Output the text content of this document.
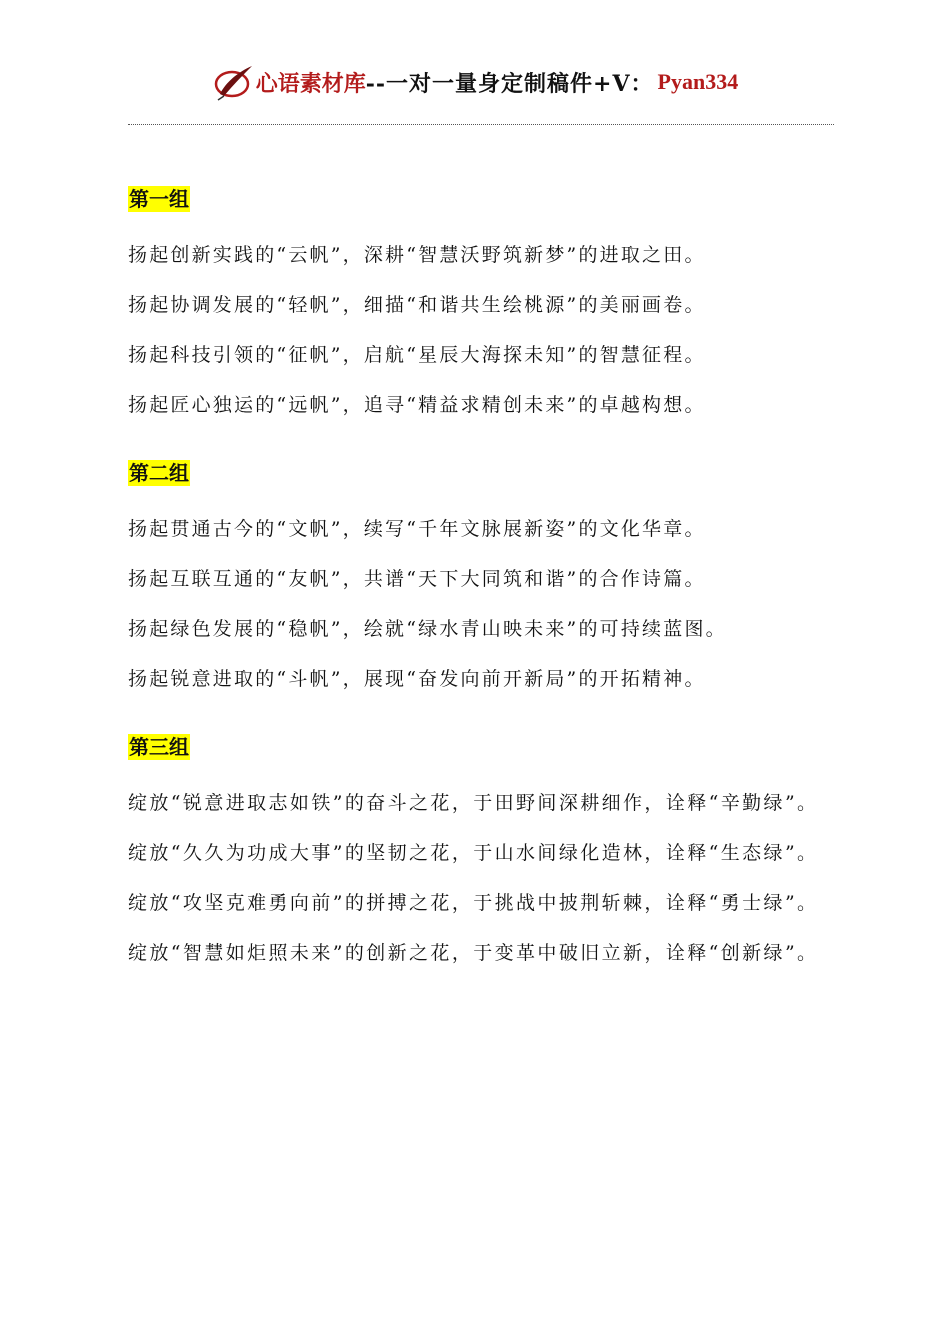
心语素材库 --一对一量身定制稿件+V： Pyan334
第一组
扬起创新实践的“云帆”，深耕“智慧沃野筑新梦”的进取之田。
扬起协调发展的“轻帆”，细描“和谐共生绘桃源”的美丽画卷。
扬起科技引领的“征帆”，启航“星辰大海探未知”的智慧征程。
扬起匠心独运的“远帆”，追寻“精益求精创未来”的卓越构想。
第二组
扬起贯通古今的“文帆”，续写“千年文脉展新姿”的文化华章。
扬起互联互通的“友帆”，共谱“天下大同筑和谐”的合作诗篇。
扬起绿色发展的“稳帆”，绘就“绿水青山映未来”的可持续蓝图。
扬起锐意进取的“斗帆”，展现“奋发向前开新局”的开拓精神。
第三组
绽放“锐意进取志如铁”的奋斗之花，于田野间深耕细作，诠释“辛勤绿”。
绽放“久久为功成大事”的坚韧之花，于山水间绿化造林，诠释“生态绿”。
绽放“攻坚克难勇向前”的拼搏之花，于挑战中披荆斩棘，诠释“勇士绿”。
绽放“智慧如炬照未来”的创新之花，于变革中破旧立新，诠释“创新绿”。
